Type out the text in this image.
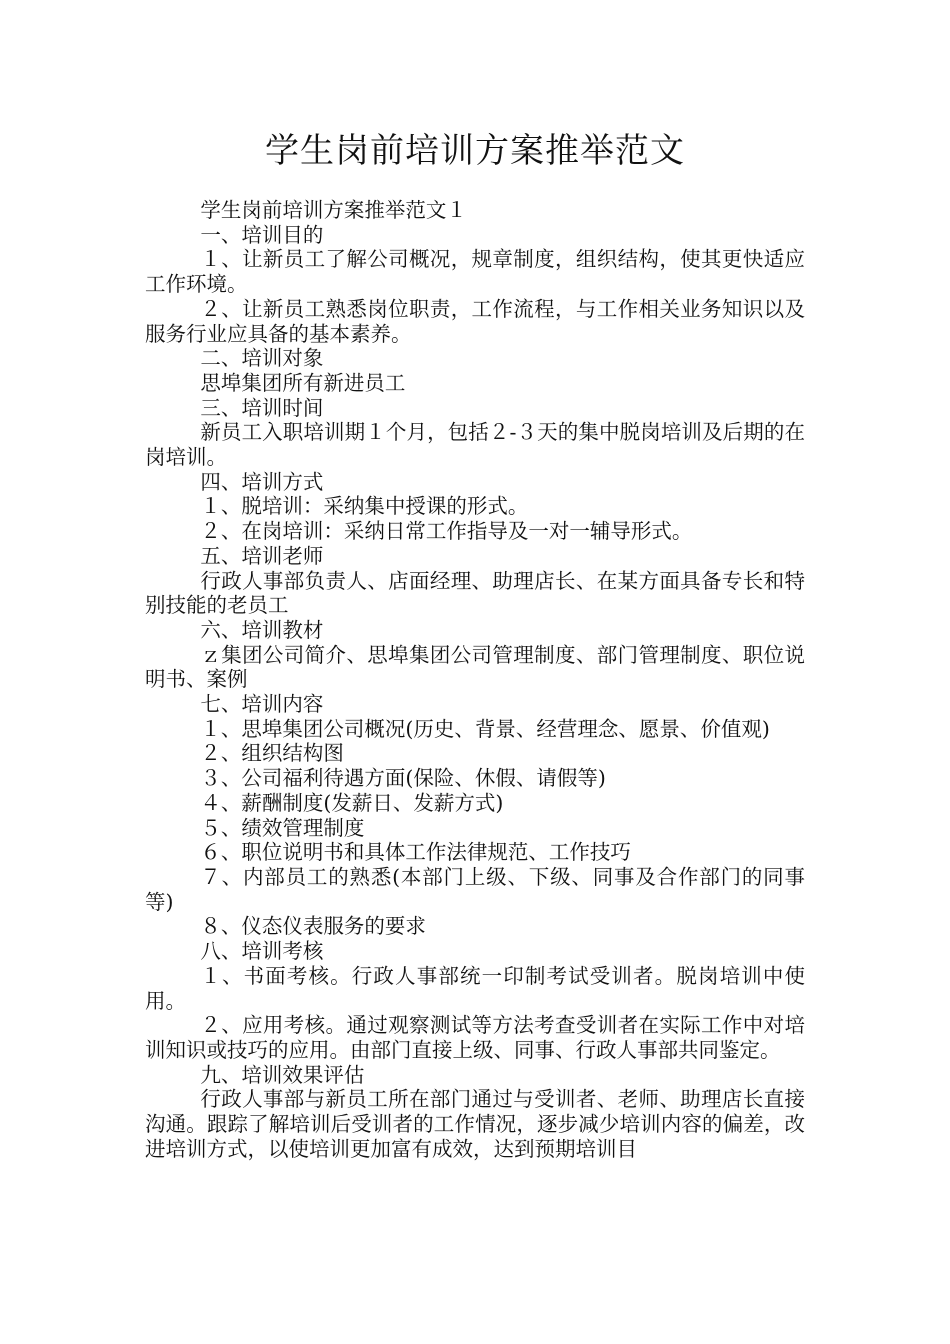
学生岗前培训方案推举范文

学生岗前培训方案推举范文１

一、培训目的

１、让新员工了解公司概况，规章制度，组织结构，使其更快适应工作环境。

２、让新员工熟悉岗位职责，工作流程，与工作相关业务知识以及服务行业应具备的基本素养。

二、培训对象

思埠集团所有新进员工

三、培训时间

新员工入职培训期１个月，包括２-３天的集中脱岗培训及后期的在岗培训。

四、培训方式

１、脱培训：采纳集中授课的形式。

２、在岗培训：采纳日常工作指导及一对一辅导形式。

五、培训老师

行政人事部负责人、店面经理、助理店长、在某方面具备专长和特别技能的老员工

六、培训教材

ｚ集团公司简介、思埠集团公司管理制度、部门管理制度、职位说明书、案例

七、培训内容

１、思埠集团公司概况(历史、背景、经营理念、愿景、价值观)

２、组织结构图

３、公司福利待遇方面(保险、休假、请假等)

４、薪酬制度(发薪日、发薪方式)

５、绩效管理制度

６、职位说明书和具体工作法律规范、工作技巧

７、内部员工的熟悉(本部门上级、下级、同事及合作部门的同事等)

８、仪态仪表服务的要求

八、培训考核

１、书面考核。行政人事部统一印制考试受训者。脱岗培训中使用。

２、应用考核。通过观察测试等方法考查受训者在实际工作中对培训知识或技巧的应用。由部门直接上级、同事、行政人事部共同鉴定。

九、培训效果评估

行政人事部与新员工所在部门通过与受训者、老师、助理店长直接沟通。跟踪了解培训后受训者的工作情况，逐步减少培训内容的偏差，改进培训方式，以使培训更加富有成效，达到预期培训目
